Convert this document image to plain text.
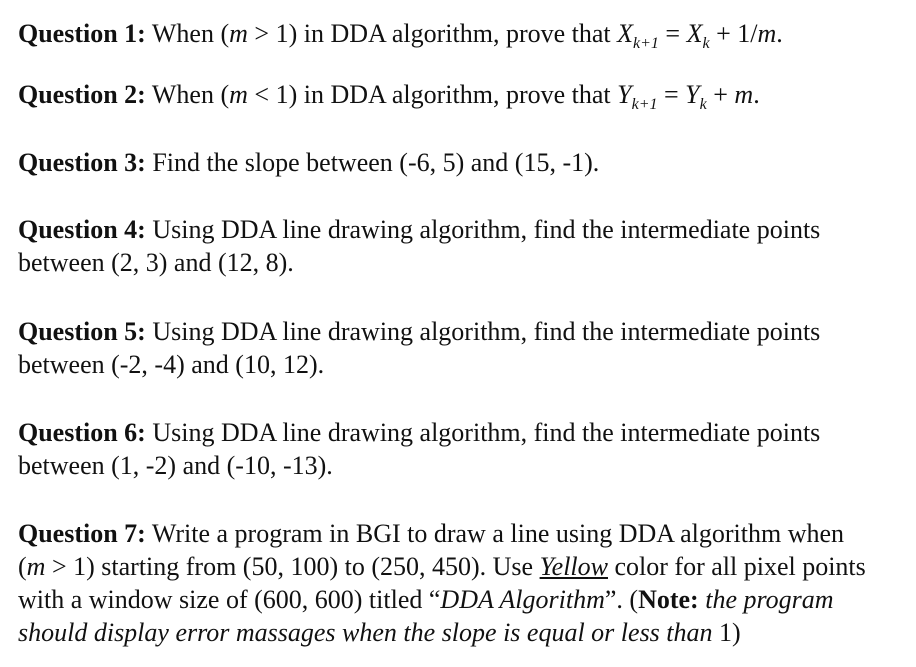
Question 1: When (m > 1) in DDA algorithm, prove that $X_{k+1} = X_k + 1/m$.
Question 2: When (m < 1) in DDA algorithm, prove that $Y_{k+1} = Y_k + m$.
Question 3: Find the slope between (-6, 5) and (15, -1).
Question 4: Using DDA line drawing algorithm, find the intermediate points
between (2, 3) and (12, 8).
Question 5: Using DDA line drawing algorithm, find the intermediate points
between (-2, -4) and (10, 12).
Question 6: Using DDA line drawing algorithm, find the intermediate points
between (1, -2) and (-10, -13).
Question 7: Write a program in BGI to draw a line using DDA algorithm when
(m > 1) starting from (50, 100) to (250, 450). Use Yellow color for all pixel points
with a window size of (600, 600) titled “DDA Algorithm”. (Note: the program
should display error massages when the slope is equal or less than 1)
